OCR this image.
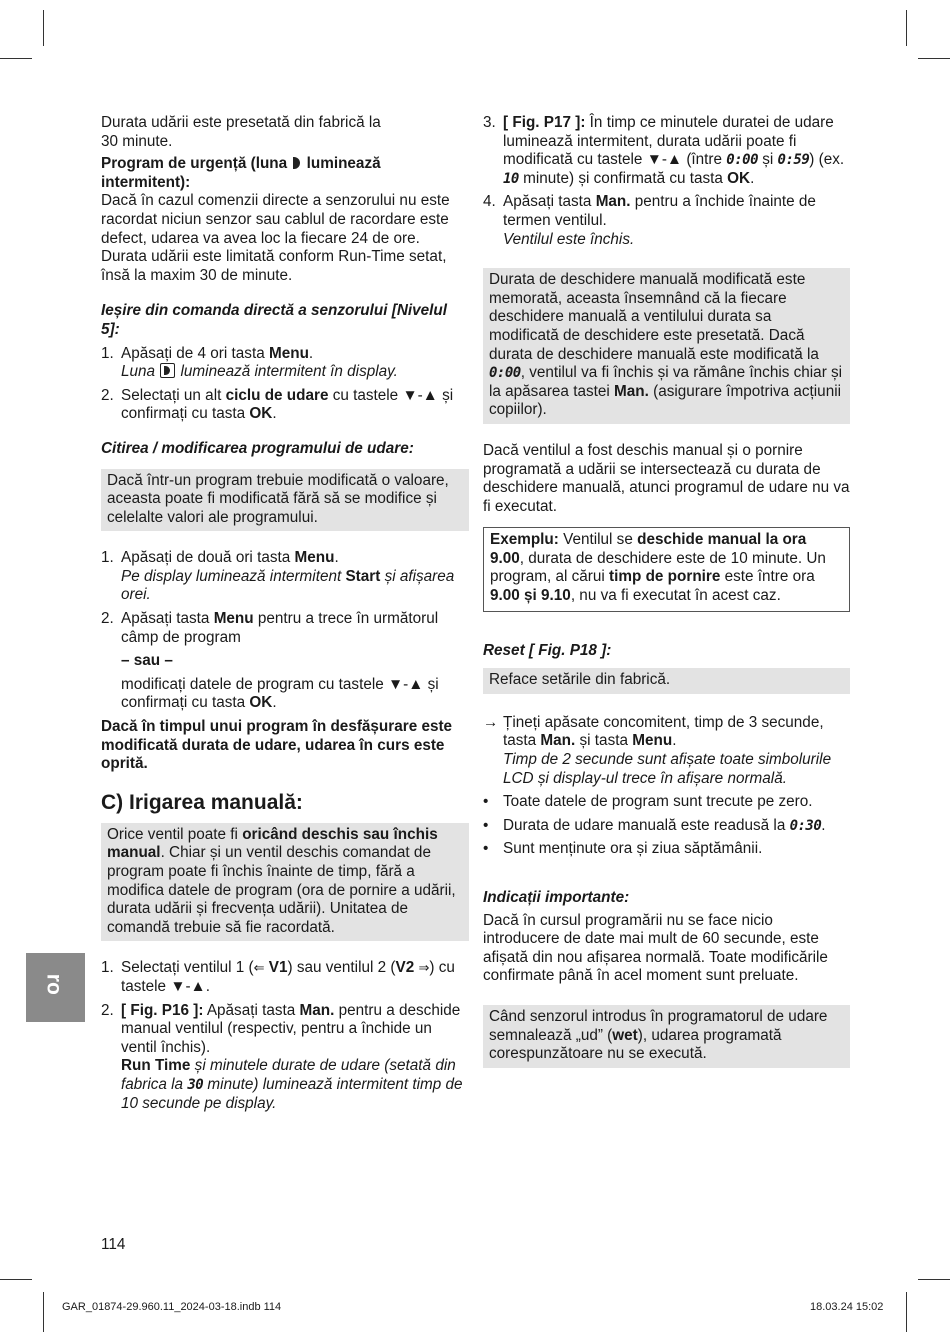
Durata udării este presetată din fabrică la 30 minute.

Program de urgență (luna  luminează intermitent):

Dacă în cazul comenzii directe a senzorului nu este racordat niciun senzor sau cablul de racordare este defect, udarea va avea loc la fiecare 24 de ore. Durata udării este limitată conform Run-Time setat, însă la maxim 30 de minute.

Ieșire din comanda directă a senzorului [Nivelul 5]:

1. Apăsați de 4 ori tasta Menu.
Luna  luminează intermitent în display.
2. Selectați un alt ciclu de udare cu tastele ▼-▲ și confirmați cu tasta OK.

Citirea / modificarea programului de udare:

Dacă într-un program trebuie modificată o valoare, aceasta poate fi modificată fără să se modifice și celelalte valori ale programului.
1. Apăsați de două ori tasta Menu.
Pe display luminează intermitent Start și afișarea orei.
2. Apăsați tasta Menu pentru a trece în următorul câmp de program

– sau –

modificați datele de program cu tastele ▼-▲ și confirmați cu tasta OK.

Dacă în timpul unui program în desfășurare este modificată durata de udare, udarea în curs este oprită.

C) Irigarea manuală:
Orice ventil poate fi oricând deschis sau închis manual. Chiar și un ventil deschis comandat de program poate fi închis înainte de timp, fără a modifica datele de program (ora de pornire a udării, durata udării și frecvența udării). Unitatea de comandă trebuie să fie racordată.
1. Selectați ventilul 1 (⇐ V1) sau ventilul 2 (V2 ⇒) cu tastele ▼-▲.
2. [ Fig. P16 ]: Apăsați tasta Man. pentru a deschide manual ventilul (respectiv, pentru a închide un ventil închis).
Run Time și minutele durate de udare (setată din fabrica la 30 minute) luminează intermitent timp de 10 secunde pe display.
3. [ Fig. P17 ]: În timp ce minutele duratei de udare luminează intermitent, durata udării poate fi modificată cu tastele ▼-▲ (între 0:00 și 0:59) (ex. 10 minute) și confirmată cu tasta OK.
4. Apăsați tasta Man. pentru a închide înainte de termen ventilul.
Ventilul este închis.
Durata de deschidere manuală modificată este memorată, aceasta însemnând că la fiecare deschidere manuală a ventilului durata sa modificată de deschidere este presetată. Dacă durata de deschidere manuală este modificată la 0:00, ventilul va fi închis și va rămâne închis chiar și la apăsarea tastei Man. (asigurare împotriva acțiunii copiilor).

Dacă ventilul a fost deschis manual și o pornire programată a udării se intersectează cu durata de deschidere manuală, atunci programul de udare nu va fi executat.

Exemplu: Ventilul se deschide manual la ora 9.00, durata de deschidere este de 10 minute. Un program, al cărui timp de pornire este între ora 9.00 și 9.10, nu va fi executat în acest caz.

Reset [ Fig. P18 ]:

Reface setările din fabrică.
→ Țineți apăsate concomitent, timp de 3 secunde, tasta Man. și tasta Menu.
Timp de 2 secunde sunt afișate toate simbolurile LCD și display-ul trece în afișare normală.
• Toate datele de program sunt trecute pe zero.
• Durata de udare manuală este readusă la 0:30.
• Sunt menținute ora și ziua săptămânii.

Indicații importante:

Dacă în cursul programării nu se face nicio introducere de date mai mult de 60 secunde, este afișată din nou afișarea normală. Toate modificările confirmate până în acel moment sunt preluate.

Când senzorul introdus în programatorul de udare semnalează „ud” (wet), udarea programată corespunzătoare nu se execută.
ro
114
GAR_01874-29.960.11_2024-03-18.indb 114	18.03.24 15:02
